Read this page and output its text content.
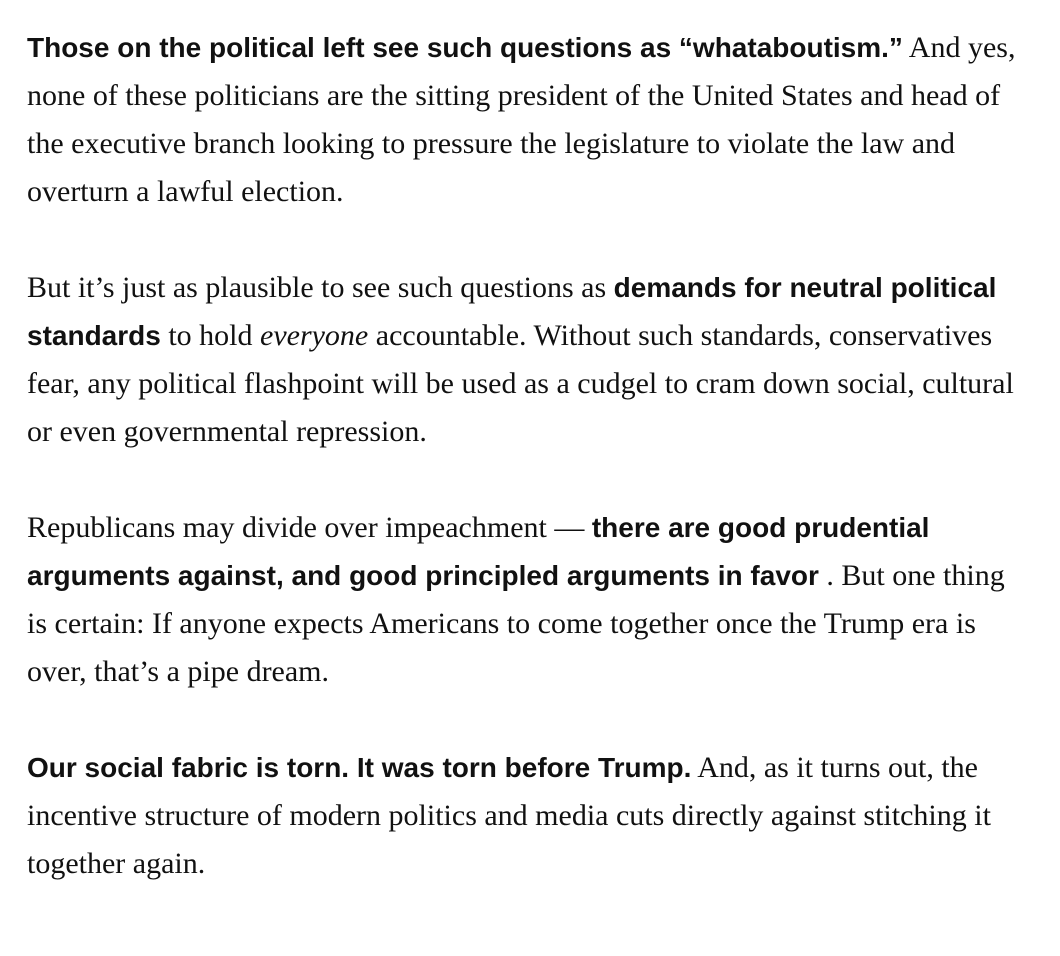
Those on the political left see such questions as “whataboutism.” And yes, none of these politicians are the sitting president of the United States and head of the executive branch looking to pressure the legislature to violate the law and overturn a lawful election.

But it’s just as plausible to see such questions as demands for neutral political standards to hold everyone accountable. Without such standards, conservatives fear, any political flashpoint will be used as a cudgel to cram down social, cultural or even governmental repression.

Republicans may divide over impeachment — there are good prudential arguments against, and good principled arguments in favor . But one thing is certain: If anyone expects Americans to come together once the Trump era is over, that’s a pipe dream.

Our social fabric is torn. It was torn before Trump. And, as it turns out, the incentive structure of modern politics and media cuts directly against stitching it together again.
